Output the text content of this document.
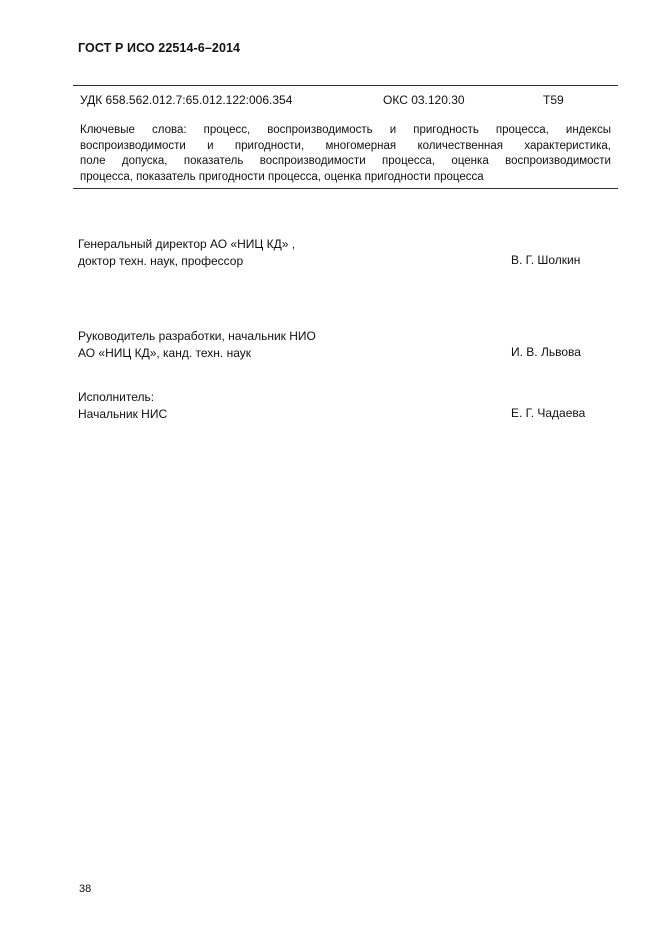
ГОСТ Р ИСО 22514-6–2014
УДК 658.562.012.7:65.012.122:006.354	ОКС 03.120.30	T59
Ключевые слова: процесс, воспроизводимость и пригодность процесса, индексы
воспроизводимости и пригодности, многомерная количественная характеристика,
поле допуска, показатель воспроизводимости процесса, оценка воспроизводимости
процесса, показатель пригодности процесса, оценка пригодности процесса
Генеральный директор АО «НИЦ КД» ,
доктор техн. наук, профессор	В. Г. Шолкин
Руководитель разработки, начальник НИО
АО «НИЦ КД», канд. техн. наук	И. В. Львова
Исполнитель:
Начальник НИС	Е. Г. Чадаева
38
